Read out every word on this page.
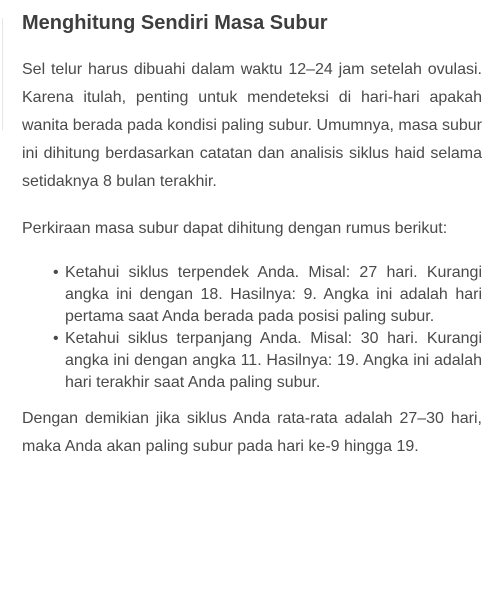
Menghitung Sendiri Masa Subur

Sel telur harus dibuahi dalam waktu 12–24 jam setelah ovulasi. Karena itulah, penting untuk mendeteksi di hari-hari apakah wanita berada pada kondisi paling subur. Umumnya, masa subur ini dihitung berdasarkan catatan dan analisis siklus haid selama setidaknya 8 bulan terakhir.

Perkiraan masa subur dapat dihitung dengan rumus berikut:

• Ketahui siklus terpendek Anda. Misal: 27 hari. Kurangi angka ini dengan 18. Hasilnya: 9. Angka ini adalah hari pertama saat Anda berada pada posisi paling subur.
• Ketahui siklus terpanjang Anda. Misal: 30 hari. Kurangi angka ini dengan angka 11. Hasilnya: 19. Angka ini adalah hari terakhir saat Anda paling subur.

Dengan demikian jika siklus Anda rata-rata adalah 27–30 hari, maka Anda akan paling subur pada hari ke-9 hingga 19.
